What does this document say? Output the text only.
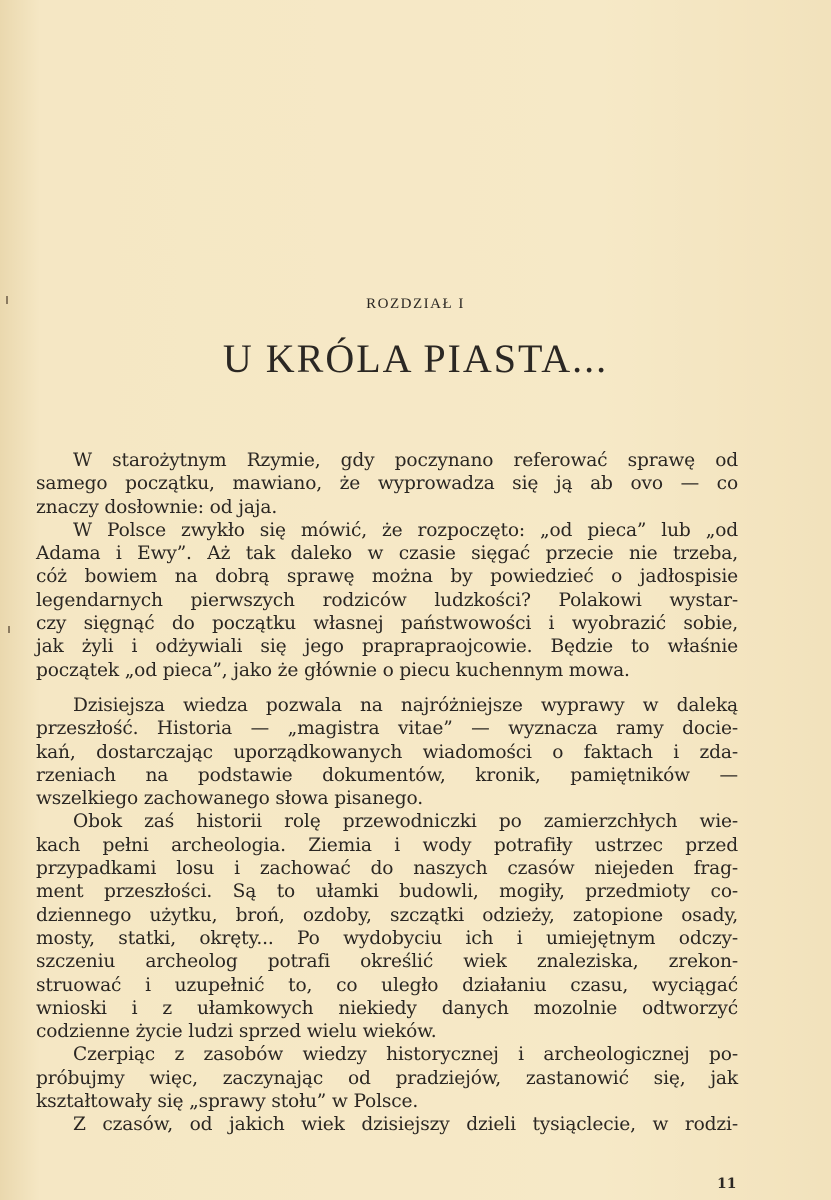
ROZDZIAŁ I
U KRÓLA PIASTA...
W starożytnym Rzymie, gdy poczynano referować sprawę od
samego początku, mawiano, że wyprowadza się ją ab ovo — co
znaczy dosłownie: od jaja.
W Polsce zwykło się mówić, że rozpoczęto: „od pieca” lub „od
Adama i Ewy”. Aż tak daleko w czasie sięgać przecie nie trzeba,
cóż bowiem na dobrą sprawę można by powiedzieć o jadłospisie
legendarnych pierwszych rodziców ludzkości? Polakowi wystar-
czy sięgnąć do początku własnej państwowości i wyobrazić sobie,
jak żyli i odżywiali się jego praprapraojcowie. Będzie to właśnie
początek „od pieca”, jako że głównie o piecu kuchennym mowa.
Dzisiejsza wiedza pozwala na najróżniejsze wyprawy w daleką
przeszłość. Historia — „magistra vitae” — wyznacza ramy docie-
kań, dostarczając uporządkowanych wiadomości o faktach i zda-
rzeniach na podstawie dokumentów, kronik, pamiętników —
wszelkiego zachowanego słowa pisanego.
Obok zaś historii rolę przewodniczki po zamierzchłych wie-
kach pełni archeologia. Ziemia i wody potrafiły ustrzec przed
przypadkami losu i zachować do naszych czasów niejeden frag-
ment przeszłości. Są to ułamki budowli, mogiły, przedmioty co-
dziennego użytku, broń, ozdoby, szczątki odzieży, zatopione osady,
mosty, statki, okręty... Po wydobyciu ich i umiejętnym odczy-
szczeniu archeolog potrafi określić wiek znaleziska, zrekon-
struować i uzupełnić to, co uległo działaniu czasu, wyciągać
wnioski i z ułamkowych niekiedy danych mozolnie odtworzyć
codzienne życie ludzi sprzed wielu wieków.
Czerpiąc z zasobów wiedzy historycznej i archeologicznej po-
próbujmy więc, zaczynając od pradziejów, zastanowić się, jak
kształtowały się „sprawy stołu” w Polsce.
Z czasów, od jakich wiek dzisiejszy dzieli tysiąclecie, w rodzi-
11
